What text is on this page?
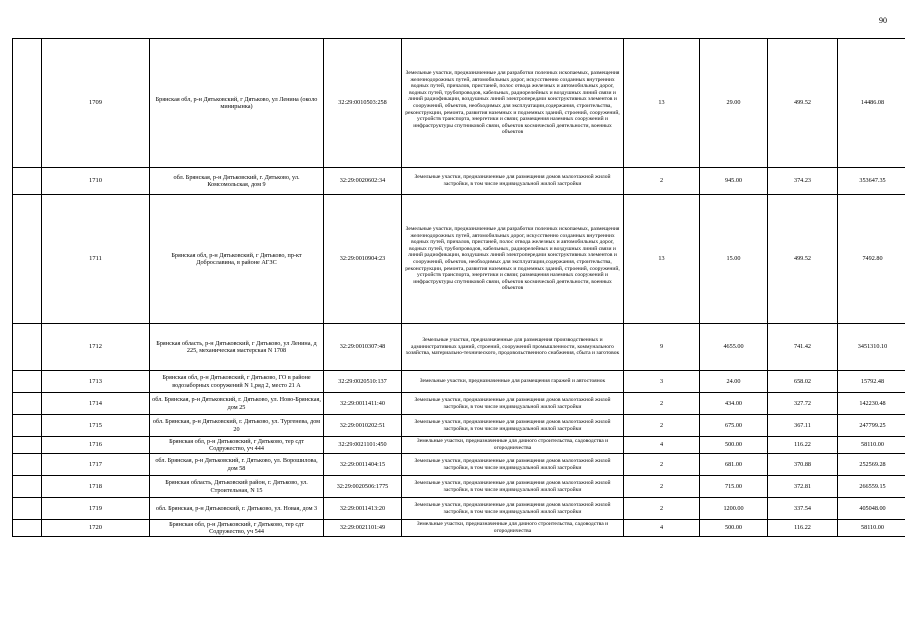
90
	1709	Брянская обл, р-н Дятьковский, г Дятьково, ул Ленина (около минирынка)	32:29:0010503:258	Земельные участки, предназначенные для разработки полезных ископаемых, размещения железнодорожных путей, автомобильных дорог, искусственно созданных внутренних водных путей, причалов, пристаней, полос отвода железных и автомобильных дорог, водных путей, трубопроводов, кабельных, радиорелейных и воздушных линий связи и линий радиофикации, воздушных линий электропередачи конструктивных элементов и сооружений, объектов, необходимых для эксплуатации,содержания, строительства, реконструкции, ремонта, развития наземных и подземных зданий, строений, сооружений, устройств транспорта, энергетики и связи; размещения наземных сооружений и инфраструктуры спутниковой связи, объектов космической деятельности, военных объектов	13	29.00	499.52	14486.08
	1710	обл. Брянская, р-н Дятьковский, г. Дятьково, ул. Комсомольская, дом 9	32:29:0020602:34	Земельные участки, предназначенные для размещения домов малоэтажной жилой застройки, в том числе индивидуальной жилой застройки	2	945.00	374.23	353647.35
	1711	Брянская обл, р-н Дятьковский, г Дятьково, пр-кт Доброславина, в районе АГЗС	32:29:0010904:23	Земельные участки, предназначенные для разработки полезных ископаемых, размещения железнодорожных путей, автомобильных дорог, искусственно созданных внутренних водных путей, причалов, пристаней, полос отвода железных и автомобильных дорог, водных путей, трубопроводов, кабельных, радиорелейных и воздушных линий связи и линий радиофикации, воздушных линий электропередачи конструктивных элементов и сооружений, объектов, необходимых для эксплуатации,содержания, строительства, реконструкции, ремонта, развития наземных и подземных зданий, строений, сооружений, устройств транспорта, энергетики и связи; размещения наземных сооружений и инфраструктуры спутниковой связи, объектов космической деятельности, военных объектов	13	15.00	499.52	7492.80
	1712	Брянская область, р-н Дятьковский, г Дятьково, ул Ленина, д 225, механическая мастерская N 1708	32:29:0010307:48	Земельные участки, предназначенные для размещения производственных и административных зданий, строений, сооружений промышленности, коммунального хозяйства, материально-технического, продовольственного снабжения, сбыта и заготовок	9	4655.00	741.42	3451310.10
	1713	Брянская обл, р-н Дятьковский, г Дятьково, ГО в районе водозаборных сооружений N 1,ряд 2, место 21 А	32:29:0020510:137	Земельные участки, предназначенные для размещения гаражей и автостоянок	3	24.00	658.02	15792.48
	1714	обл. Брянская, р-н Дятьковский, г. Дятьково, ул. Ново-Брянская, дом 25	32:29:0011411:40	Земельные участки, предназначенные для размещения домов малоэтажной жилой застройки, в том числе индивидуальной жилой застройки	2	434.00	327.72	142230.48
	1715	обл. Брянская, р-н Дятьковский, г. Дятьково, ул. Тургенева, дом 20	32:29:0010202:51	Земельные участки, предназначенные для размещения домов малоэтажной жилой застройки, в том числе индивидуальной жилой застройки	2	675.00	367.11	247799.25
	1716	Брянская обл, р-н Дятьковский, г Дятьково, тер сдт Содружество, уч 444	32:29:0021101:450	Земельные участки, предназначенные для дачного строительства, садоводства и огородничества	4	500.00	116.22	58110.00
	1717	обл. Брянская, р-н Дятьковский, г. Дятьково, ул. Ворошилова, дом 58	32:29:0011404:15	Земельные участки, предназначенные для размещения домов малоэтажной жилой застройки, в том числе индивидуальной жилой застройки	2	681.00	370.88	252569.28
	1718	Брянская область, Дятьковский район, г. Дятьково, ул. Строительная, N 15	32:29:0020506:1775	Земельные участки, предназначенные для размещения домов малоэтажной жилой застройки, в том числе индивидуальной жилой застройки	2	715.00	372.81	266559.15
	1719	обл. Брянская, р-н Дятьковский, г. Дятьково, ул. Новая, дом 3	32:29:0011413:20	Земельные участки, предназначенные для размещения домов малоэтажной жилой застройки, в том числе индивидуальной жилой застройки	2	1200.00	337.54	405048.00
	1720	Брянская обл, р-н Дятьковский, г Дятьково, тер сдт Содружество, уч 544	32:29:0021101:49	Земельные участки, предназначенные для дачного строительства, садоводства и огородничества	4	500.00	116.22	58110.00
